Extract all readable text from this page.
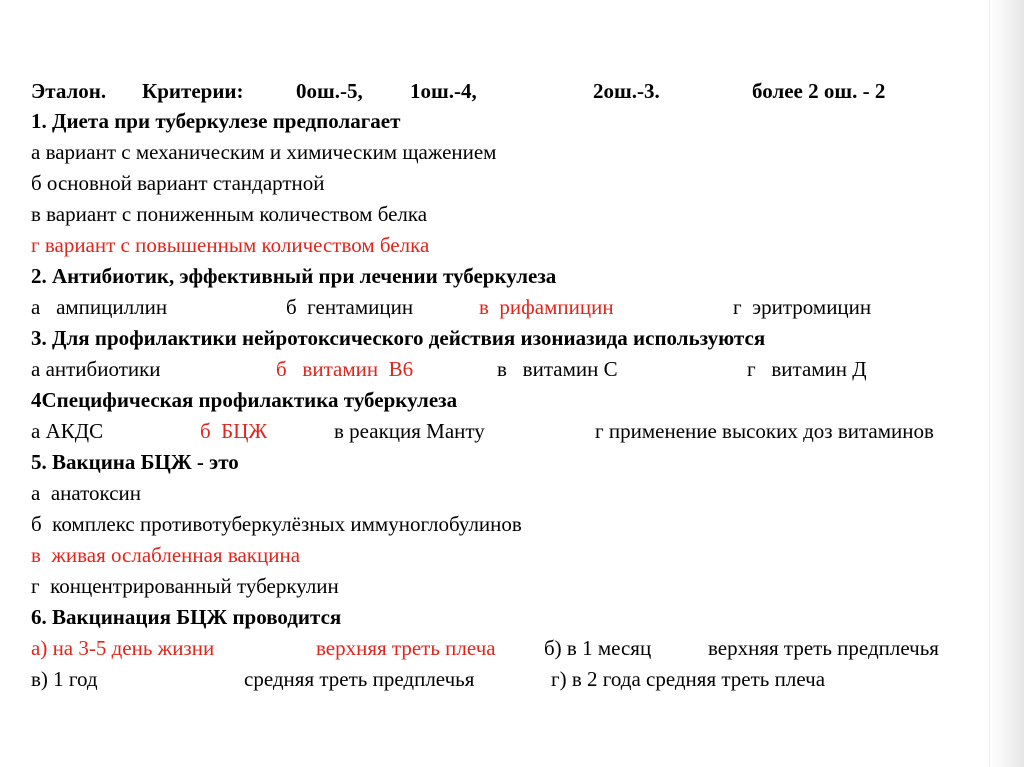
Эталон. Критерии: 0ош.-5, 1ош.-4,	2ош.-3.	более 2 ош. - 2
1. Диета при туберкулезе предполагает
а вариант с механическим и химическим щажением
б основной вариант стандартной
в вариант с пониженным количеством белка
г вариант с повышенным количеством белка
2. Антибиотик, эффективный при лечении туберкулеза
а   ампициллин	б  гентамицин	в  рифампицин	г  эритромицин
3. Для профилактики нейротоксического действия изониазида используются
а антибиотики	б   витамин  В6	в   витамин С	г   витамин Д
4Специфическая профилактика туберкулеза
а АКДС	б  БЦЖ	в реакция Манту	г применение высоких доз витаминов
5. Вакцина БЦЖ - это
а  анатоксин
б  комплекс противотуберкулёзных иммуноглобулинов
в  живая ослабленная вакцина
г  концентрированный туберкулин
6. Вакцинация БЦЖ проводится
а) на 3-5 день жизни	верхняя треть плеча б) в 1 месяц	верхняя треть предплечья
в) 1 год	средняя треть предплечья	г) в 2 года средняя треть плеча
